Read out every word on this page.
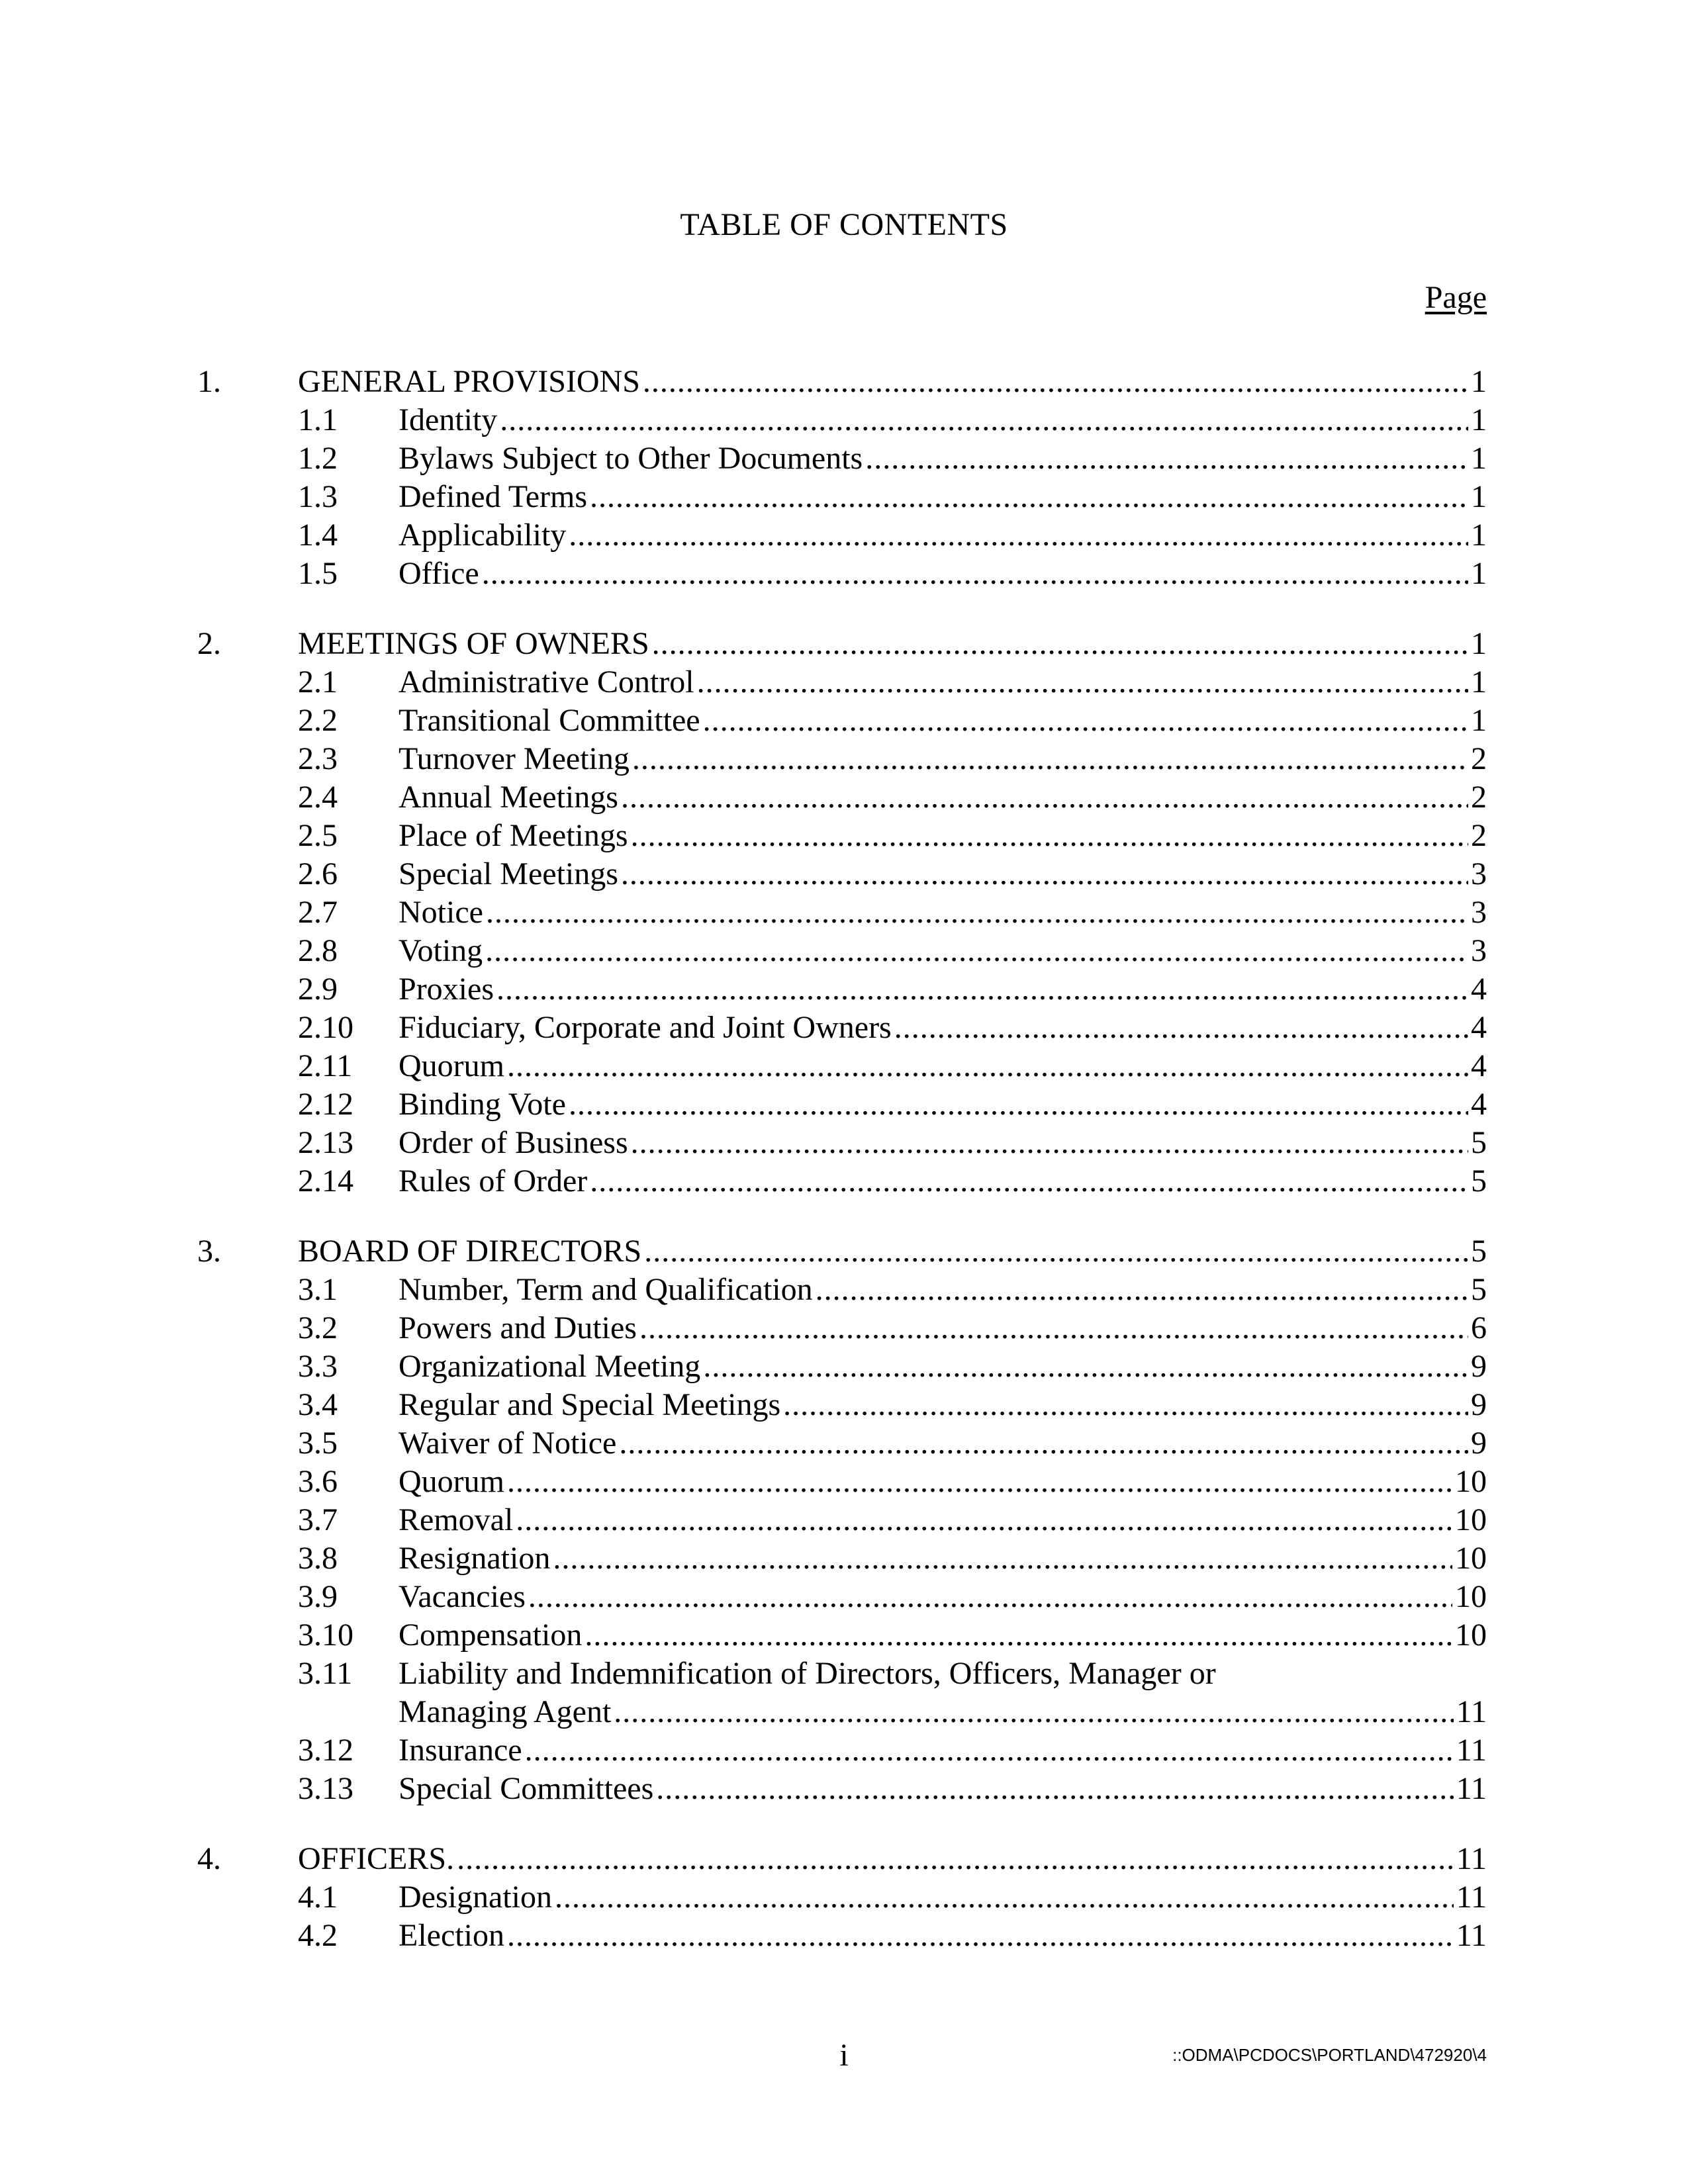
TABLE OF CONTENTS
Page
1.	GENERAL PROVISIONS .....	1
1.1	Identity .....	1
1.2	Bylaws Subject to Other Documents .....	1
1.3	Defined Terms .....	1
1.4	Applicability .....	1
1.5	Office .....	1
2.	MEETINGS OF OWNERS .....	1
2.1	Administrative Control .....	1
2.2	Transitional Committee .....	1
2.3	Turnover Meeting .....	2
2.4	Annual Meetings .....	2
2.5	Place of Meetings .....	2
2.6	Special Meetings .....	3
2.7	Notice .....	3
2.8	Voting .....	3
2.9	Proxies .....	4
2.10	Fiduciary, Corporate and Joint Owners .....	4
2.11	Quorum .....	4
2.12	Binding Vote .....	4
2.13	Order of Business .....	5
2.14	Rules of Order .....	5
3.	BOARD OF DIRECTORS .....	5
3.1	Number, Term and Qualification .....	5
3.2	Powers and Duties .....	6
3.3	Organizational Meeting .....	9
3.4	Regular and Special Meetings .....	9
3.5	Waiver of Notice .....	9
3.6	Quorum .....	10
3.7	Removal .....	10
3.8	Resignation .....	10
3.9	Vacancies .....	10
3.10	Compensation .....	10
3.11	Liability and Indemnification of Directors, Officers, Manager or
Managing Agent .....	11
3.12	Insurance .....	11
3.13	Special Committees .....	11
4.	OFFICERS. .....	11
4.1	Designation .....	11
4.2	Election .....	11
i	::ODMA\PCDOCS\PORTLAND\472920\4
